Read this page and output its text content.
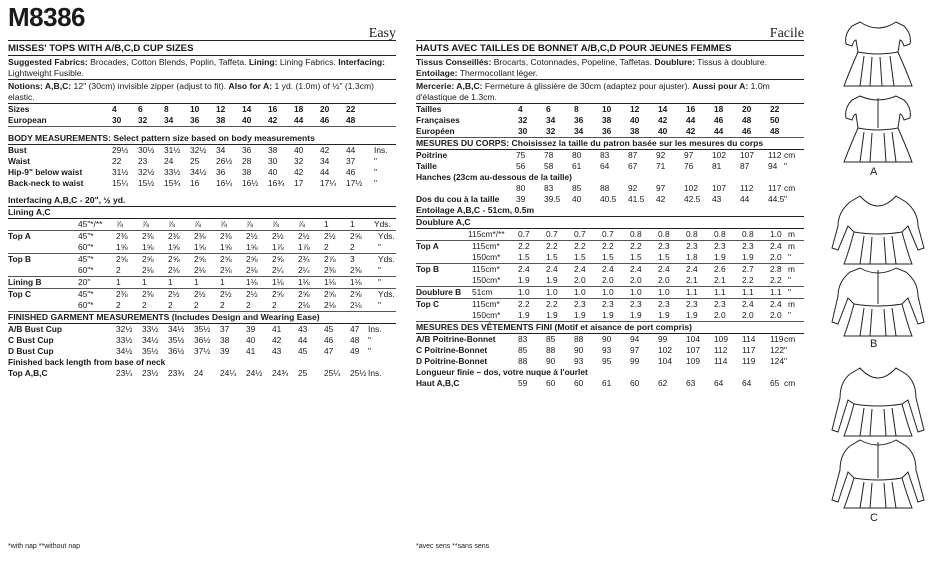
M8386
Easy
MISSES' TOPS WITH A/B,C,D CUP SIZES
Suggested Fabrics: Brocades, Cotton Blends, Poplin, Taffeta. Lining: Lining Fabrics. Interfacing:
Lightweight Fusible.
Notions: A,B,C: 12" (30cm) invisible zipper (adjust to fit). Also for A: 1 yd. (1.0m) of ½" (1.3cm) elastic.
Sizes	4	6	8	10 12 14 16 18 20 22
European	30 32 34 36 38 40 42 44 46 48
BODY MEASUREMENTS: Select pattern size based on body measurements
Bust	29½ 30½ 31½ 32½ 34 36 38 40 42 44 Ins.
Waist	22 23 24 25 26½ 28 30 32 34 37 "
Hip-9" below waist	31½ 32½ 33½ 34½ 36 38 40 42 44 46 "
Back-neck to waist	15¼ 15½ 15¾ 16 16¼ 16½ 16¾ 17 17¼ 17½ "
Interfacing A,B,C - 20", ½ yd.
Lining A,C
45"*/** ⅞ ⅞ ⅞ ⅞ ⅞ ⅞ ⅞ ⅞ 1	1 Yds.
Top A	45"*	2⅜ 2⅜ 2⅜ 2⅜ 2⅜ 2½ 2½ 2½ 2½ 2⅝ Yds.
60"*	1⅝ 1⅝ 1⅝ 1⅝ 1⅝ 1⅝ 1⅞ 1⅞ 2	2	"
Top B	45"*	2⅝ 2⅝ 2⅝ 2⅝ 2⅝ 2⅝ 2⅝ 2¾ 2⅞ 3	Yds.
60"*	2	2⅛ 2⅛ 2⅛ 2⅛ 2⅛ 2¼ 2¼ 2⅜ 2⅜ "
Lining B	20"	1	1	1	1	1	1⅛ 1⅛ 1⅛ 1⅛ 1⅛ "
Top C	45"*	2⅜ 2⅜ 2½ 2½ 2½ 2½ 2⅝ 2⅝ 2⅝ 2⅝ Yds.
60"*	2	2	2	2	2	2	2	2⅛ 2⅛ 2⅛ "
FINISHED GARMENT MEASUREMENTS (Includes Design and Wearing Ease)
A/B Bust Cup	32½ 33½ 34½ 35½ 37 39 41 43 45 47 Ins.
C Bust Cup	33½ 34½ 35½ 36½ 38 40 42 44 46 48 "
D Bust Cup	34½ 35½ 36½ 37½ 39 41 43 45 47 49 "
Finished back length from base of neck
Top A,B,C	23¼ 23½ 23¾ 24 24¼ 24½ 24¾ 25 25¼ 25½ Ins.
Facile
HAUTS AVEC TAILLES DE BONNET A/B,C,D POUR JEUNES FEMMES
Tissus Conseillés: Brocarts, Cotonnades, Popeline, Taffetas. Doublure: Tissus à doublure.
Entoilage: Thermocollant léger.
Mercerie: A,B,C: Fermeture à glissière de 30cm (adaptez pour ajuster). Aussi pour A: 1.0m d'élastique de 1.3cm.
Tailles	4	6	8	10 12 14 16 18 20 22
Françaises	32 34 36 38 40 42 44 46 48 50
Européen	30 32 34 36 38 40 42 44 46 48
MESURES DU CORPS: Choisissez la taille du patron basée sur les mesures du corps
Poitrine	75 78 80 83 87 92 97 102 107 112 cm
Taille	56 58 61 64 67 71 76 81 87 94 "
Hanches (23cm au-dessous de la taille)
80 83 85 88 92 97 102 107 112 117 cm
Dos du cou à la taille 39 39.5 40 40.5 41.5 42 42.5 43 44 44.5 "
Entoilage A,B,C - 51cm, 0.5m
Doublure A,C
115cm*/** 0.7 0.7 0.7 0.7 0.8 0.8 0.8 0.8 0.8 1.0 m
Top A	115cm* 2.2 2.2 2.2 2.2 2.2 2.3 2.3 2.3 2.3 2.4 m
150cm* 1.5 1.5 1.5 1.5 1.5 1.5 1.8 1.9 1.9 2.0 "
Top B	115cm* 2.4 2.4 2.4 2.4 2.4 2.4 2.4 2.6 2.7 2.8 m
150cm* 1.9 1.9 2.0 2.0 2.0 2.0 2.1 2.1 2.2 2.2 "
Doublure B 51cm	1.0 1.0 1.0 1.0 1.0 1.0 1.1 1.1 1.1 1.1 "
Top C	115cm* 2.2 2.2 2.3 2.3 2.3 2.3 2.3 2.3 2.4 2.4 m
150cm* 1.9 1.9 1.9 1.9 1.9 1.9 1.9 2.0 2.0 2.0 "
MESURES DES VÊTEMENTS FINI (Motif et aisance de port compris)
A/B Poitrine-Bonnet	83 85 88 90 94 99 104 109 114 119 cm
C Poitrine-Bonnet	85 88 90 93 97 102 107 112 117 122 "
D Poitrine-Bonnet	88 90 93 95 99 104 109 114 119 124 "
Longueur finie – dos, votre nuque à l'ourlet
Haut A,B,C	59 60 60 61 60 62 63 64 64 65 cm
*with nap **without nap	*avec sens **sans sens
A
B
C
